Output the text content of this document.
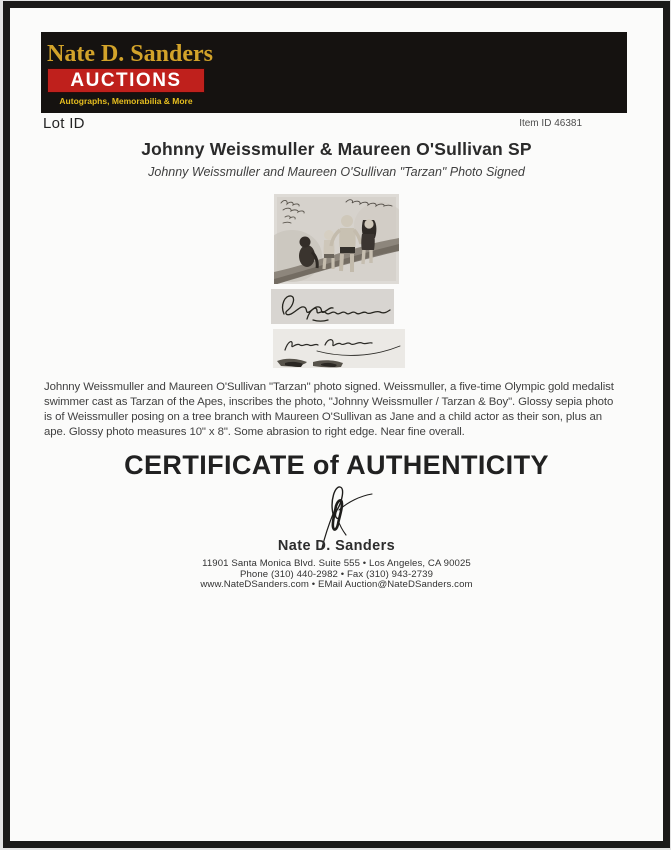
Nate D. Sanders
AUCTIONS
Autographs, Memorabilia & More
Lot ID	Item ID 46381
Johnny Weissmuller & Maureen O'Sullivan SP
Johnny Weissmuller and Maureen O'Sullivan "Tarzan" Photo Signed
Johnny Weissmuller and Maureen O'Sullivan "Tarzan" photo signed. Weissmuller, a five-time Olympic gold medalist swimmer cast as Tarzan of the Apes, inscribes the photo, "Johnny Weissmuller / Tarzan & Boy". Glossy sepia photo is of Weissmuller posing on a tree branch with Maureen O'Sullivan as Jane and a child actor as their son, plus an ape. Glossy photo measures 10" x 8". Some abrasion to right edge. Near fine overall.
CERTIFICATE of AUTHENTICITY
Nate D. Sanders
11901 Santa Monica Blvd. Suite 555 • Los Angeles, CA 90025
Phone (310) 440-2982 • Fax (310) 943-2739
www.NateDSanders.com • EMail Auction@NateDSanders.com
